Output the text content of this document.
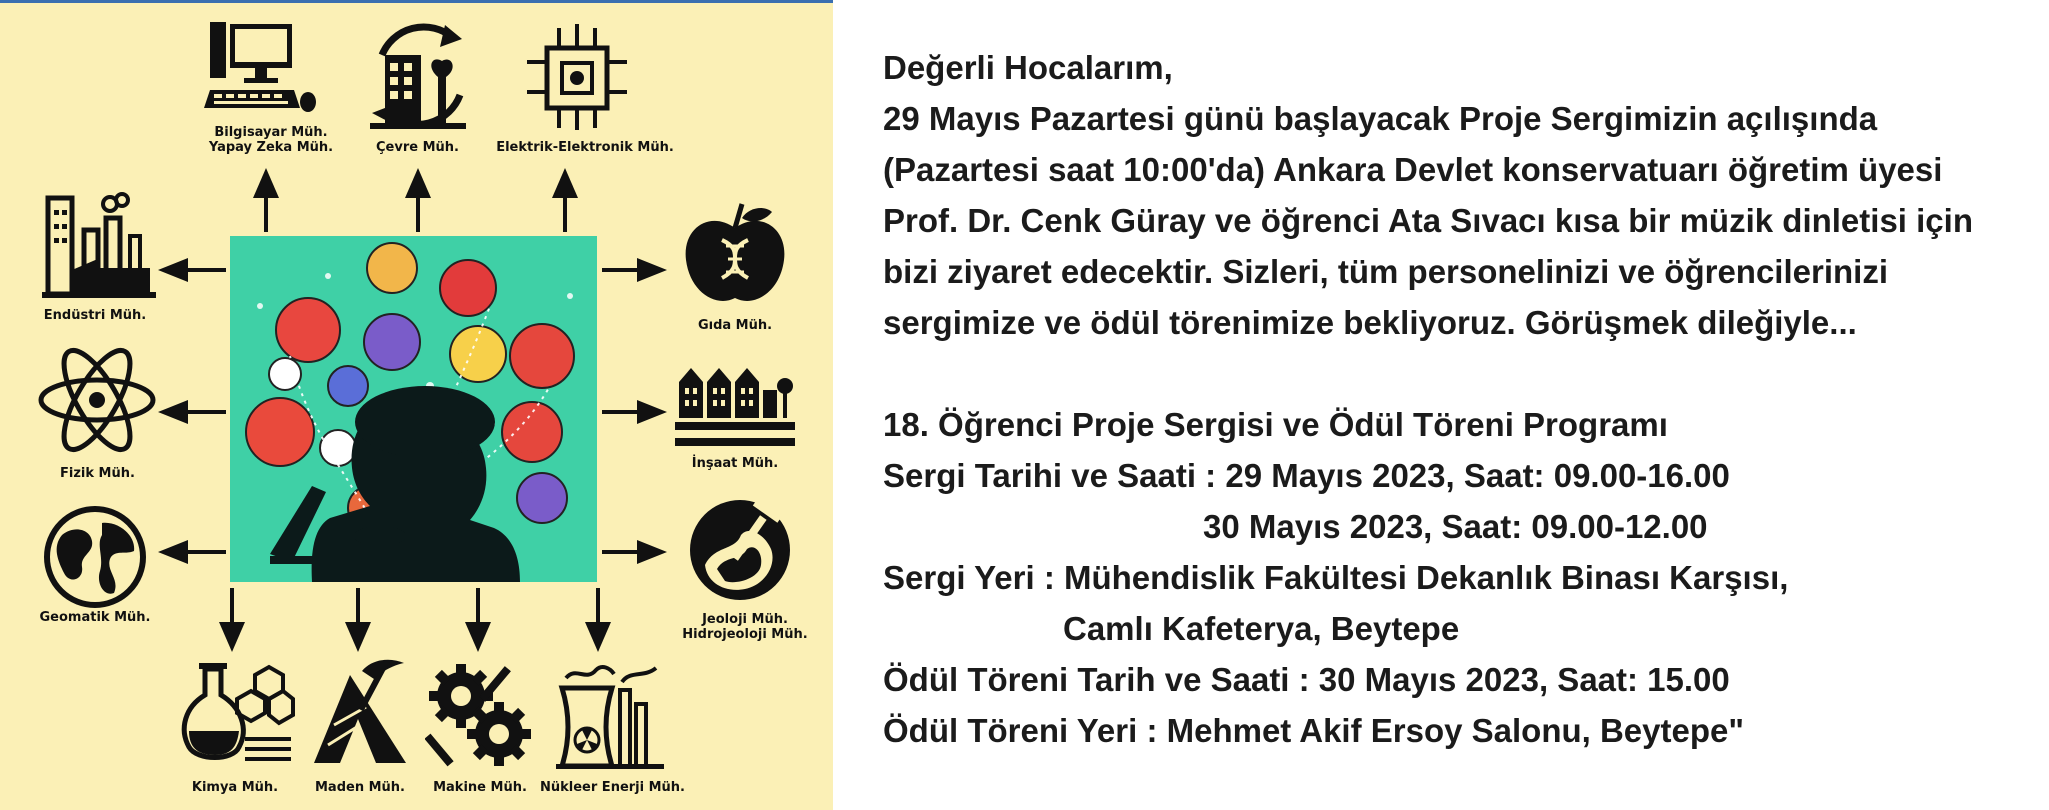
Bilgisayar Müh.
Yapay Zeka Müh.	Çevre Müh.	Elektrik-Elektronik Müh.
Endüstri Müh.
Gıda Müh.
Fizik Müh.
İnşaat Müh.
Geomatik Müh.	Jeoloji Müh.
Hidrojeoloji Müh.
Kimya Müh.	Maden Müh.	Makine Müh.	Nükleer Enerji Müh.
Değerli Hocalarım,
29 Mayıs Pazartesi günü başlayacak Proje Sergimizin açılışında
(Pazartesi saat 10:00'da) Ankara Devlet konservatuarı öğretim üyesi
Prof. Dr. Cenk Güray ve öğrenci Ata Sıvacı kısa bir müzik dinletisi için
bizi ziyaret edecektir. Sizleri, tüm personelinizi ve öğrencilerinizi
sergimize ve ödül törenimize bekliyoruz. Görüşmek dileğiyle...
18. Öğrenci Proje Sergisi ve Ödül Töreni Programı
Sergi Tarihi ve Saati : 29 Mayıs 2023, Saat: 09.00-16.00
30 Mayıs 2023, Saat: 09.00-12.00
Sergi Yeri : Mühendislik Fakültesi Dekanlık Binası Karşısı,
Camlı Kafeterya, Beytepe
Ödül Töreni Tarih ve Saati : 30 Mayıs 2023, Saat: 15.00
Ödül Töreni Yeri : Mehmet Akif Ersoy Salonu, Beytepe"
